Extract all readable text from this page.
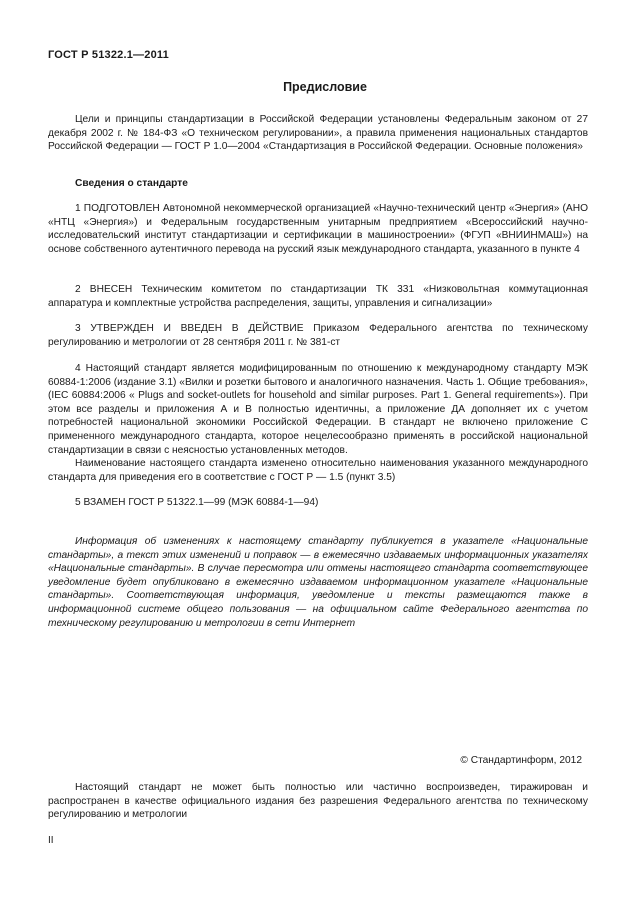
ГОСТ Р 51322.1—2011
Предисловие

Цели и принципы стандартизации в Российской Федерации установлены Федеральным законом от 27 декабря 2002 г. № 184-ФЗ «О техническом регулировании», а правила применения национальных стандартов Российской Федерации — ГОСТ Р 1.0—2004 «Стандартизация в Российской Федерации. Основные положения»

Сведения о стандарте

1 ПОДГОТОВЛЕН Автономной некоммерческой организацией «Научно-технический центр «Энергия» (АНО «НТЦ «Энергия») и Федеральным государственным унитарным предприятием «Всероссийский научно-исследовательский институт стандартизации и сертификации в машиностроении» (ФГУП «ВНИИНМАШ») на основе собственного аутентичного перевода на русский язык международного стандарта, указанного в пункте 4

2 ВНЕСЕН Техническим комитетом по стандартизации ТК 331 «Низковольтная коммутационная аппаратура и комплектные устройства распределения, защиты, управления и сигнализации»

3 УТВЕРЖДЕН И ВВЕДЕН В ДЕЙСТВИЕ Приказом Федерального агентства по техническому регулированию и метрологии от 28 сентября 2011 г. № 381-ст

4 Настоящий стандарт является модифицированным по отношению к международному стандарту МЭК 60884-1:2006 (издание 3.1) «Вилки и розетки бытового и аналогичного назначения. Часть 1. Общие требования», (IEC 60884:2006 « Plugs and socket-outlets for household and similar purposes. Part 1. General requirements»). При этом все разделы и приложения А и В полностью идентичны, а приложение ДА дополняет их с учетом потребностей национальной экономики Российской Федерации. В стандарт не включено приложение С примененного международного стандарта, которое нецелесообразно применять в российской национальной стандартизации в связи с неясностью установленных методов.

Наименование настоящего стандарта изменено относительно наименования указанного международного стандарта для приведения его в соответствие с ГОСТ Р — 1.5 (пункт 3.5)

5 ВЗАМЕН ГОСТ Р 51322.1—99 (МЭК 60884-1—94)

Информация об изменениях к настоящему стандарту публикуется в указателе «Национальные стандарты», а текст этих изменений и поправок — в ежемесячно издаваемых информационных указателях «Национальные стандарты». В случае пересмотра или отмены настоящего стандарта соответствующее уведомление будет опубликовано в ежемесячно издаваемом информационном указателе «Национальные стандарты». Соответствующая информация, уведомление и тексты размещаются также в информационной системе общего пользования — на официальном сайте Федерального агентства по техническому регулированию и метрологии в сети Интернет

© Стандартинформ, 2012

Настоящий стандарт не может быть полностью или частично воспроизведен, тиражирован и распространен в качестве официального издания без разрешения Федерального агентства по техническому регулированию и метрологии

II
